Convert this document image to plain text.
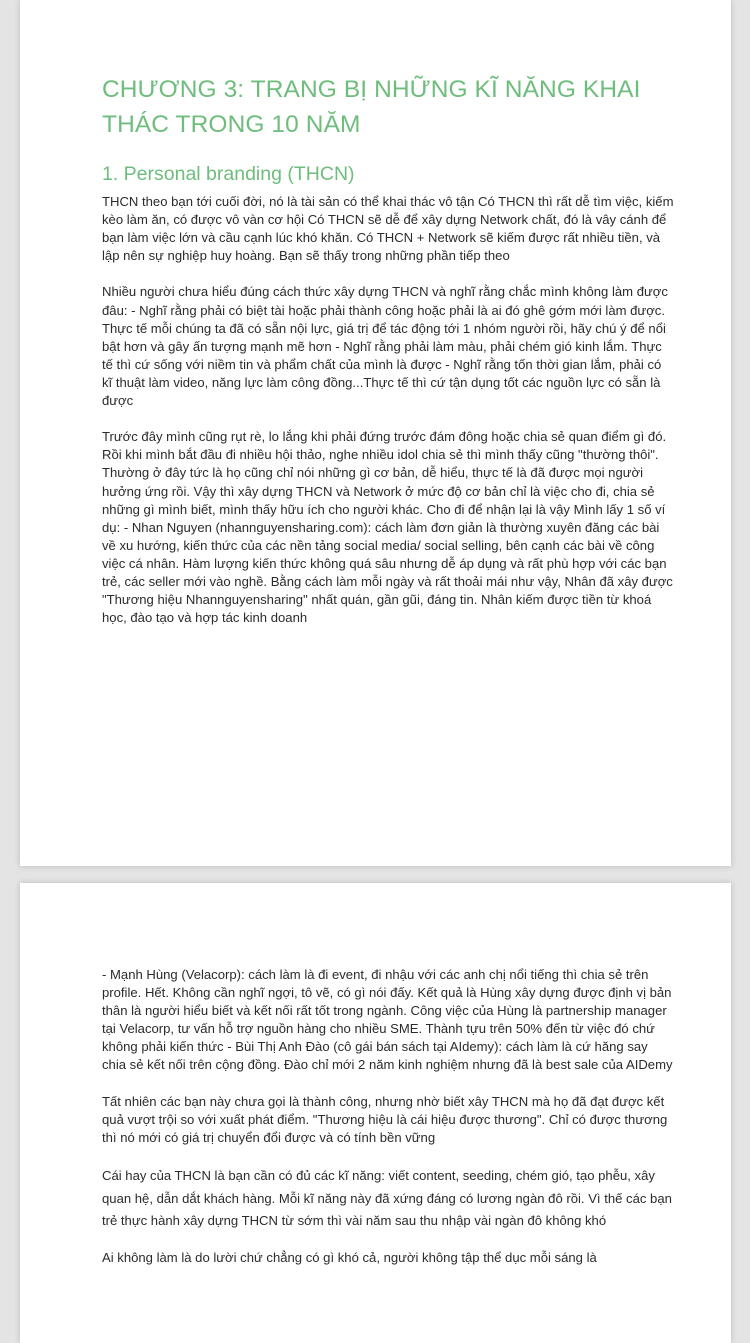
CHƯƠNG 3: TRANG BỊ NHỮNG KĨ NĂNG KHAI THÁC TRONG 10 NĂM
1. Personal branding (THCN)

THCN theo bạn tới cuối đời, nó là tài sản có thể khai thác vô tận Có THCN thì rất dễ tìm việc, kiếm kèo làm ăn, có được vô vàn cơ hội Có THCN sẽ dễ để xây dựng Network chất, đó là vây cánh để bạn làm việc lớn và cầu cạnh lúc khó khăn. Có THCN + Network sẽ kiếm được rất nhiều tiền, và lập nên sự nghiệp huy hoàng. Bạn sẽ thấy trong những phần tiếp theo

Nhiều người chưa hiểu đúng cách thức xây dựng THCN và nghĩ rằng chắc mình không làm được đâu: - Nghĩ rằng phải có biệt tài hoặc phải thành công hoặc phải là ai đó ghê gớm mới làm được. Thực tế mỗi chúng ta đã có sẵn nội lực, giá trị để tác động tới 1 nhóm người rồi, hãy chú ý để nổi bật hơn và gây ấn tượng mạnh mẽ hơn - Nghĩ rằng phải làm màu, phải chém gió kinh lắm. Thực tế thì cứ sống với niềm tin và phẩm chất của mình là được - Nghĩ rằng tốn thời gian lắm, phải có kĩ thuật làm video, năng lực làm công đồng...Thực tế thì cứ tận dụng tốt các nguồn lực có sẵn là được

Trước đây mình cũng rụt rè, lo lắng khi phải đứng trước đám đông hoặc chia sẻ quan điểm gì đó. Rồi khi mình bắt đầu đi nhiều hội thảo, nghe nhiều idol chia sẻ thì mình thấy cũng "thường thôi". Thường ở đây tức là họ cũng chỉ nói những gì cơ bản, dễ hiểu, thực tế là đã được mọi người hưởng ứng rồi. Vậy thì xây dựng THCN và Network ở mức độ cơ bản chỉ là việc cho đi, chia sẻ những gì mình biết, mình thấy hữu ích cho người khác. Cho đi để nhận lại là vậy Mình lấy 1 số ví dụ: - Nhan Nguyen (nhannguyensharing.com): cách làm đơn giản là thường xuyên đăng các bài về xu hướng, kiến thức của các nền tảng social media/ social selling, bên cạnh các bài về công việc cá nhân. Hàm lượng kiến thức không quá sâu nhưng dễ áp dụng và rất phù hợp với các bạn trẻ, các seller mới vào nghề. Bằng cách làm mỗi ngày và rất thoải mái như vậy, Nhân đã xây được "Thương hiệu Nhannguyensharing" nhất quán, gần gũi, đáng tin. Nhân kiếm được tiền từ khoá học, đào tạo và hợp tác kinh doanh

- Mạnh Hùng (Velacorp): cách làm là đi event, đi nhậu với các anh chị nổi tiếng thì chia sẻ trên profile. Hết. Không cần nghĩ ngợi, tô vẽ, có gì nói đấy. Kết quả là Hùng xây dựng được định vị bản thân là người hiểu biết và kết nối rất tốt trong ngành. Công việc của Hùng là partnership manager tại Velacorp, tư vấn hỗ trợ nguồn hàng cho nhiều SME. Thành tựu trên 50% đến từ việc đó chứ không phải kiến thức - Bùi Thị Anh Đào (cô gái bán sách tại AIdemy): cách làm là cứ hăng say chia sẻ kết nối trên cộng đồng. Đào chỉ mới 2 năm kinh nghiệm nhưng đã là best sale của AIDemy

Tất nhiên các bạn này chưa gọi là thành công, nhưng nhờ biết xây THCN mà họ đã đạt được kết quả vượt trội so với xuất phát điểm. "Thương hiệu là cái hiệu được thương". Chỉ có được thương thì nó mới có giá trị chuyển đổi được và có tính bền vững

Cái hay của THCN là bạn cần có đủ các kĩ năng: viết content, seeding, chém gió, tạo phễu, xây quan hệ, dẫn dắt khách hàng. Mỗi kĩ năng này đã xứng đáng có lương ngàn đô rồi. Vì thế các bạn trẻ thực hành xây dựng THCN từ sớm thì vài năm sau thu nhập vài ngàn đô không khó

Ai không làm là do lười chứ chẳng có gì khó cả, người không tập thể dục mỗi sáng là
